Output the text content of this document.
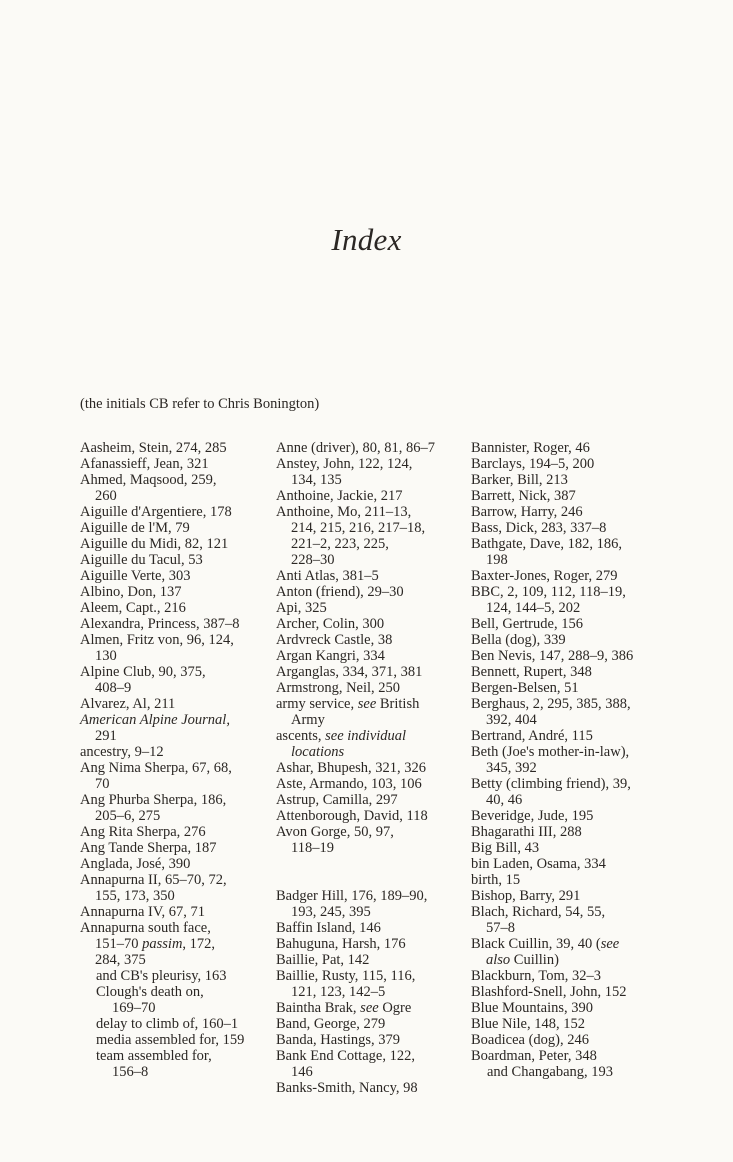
Index
(the initials CB refer to Chris Bonington)
Aasheim, Stein, 274, 285
Afanassieff, Jean, 321
Ahmed, Maqsood, 259,
260
Aiguille d'Argentiere, 178
Aiguille de l'M, 79
Aiguille du Midi, 82, 121
Aiguille du Tacul, 53
Aiguille Verte, 303
Albino, Don, 137
Aleem, Capt., 216
Alexandra, Princess, 387–8
Almen, Fritz von, 96, 124,
130
Alpine Club, 90, 375,
408–9
Alvarez, Al, 211
American Alpine Journal,
291
ancestry, 9–12
Ang Nima Sherpa, 67, 68,
70
Ang Phurba Sherpa, 186,
205–6, 275
Ang Rita Sherpa, 276
Ang Tande Sherpa, 187
Anglada, José, 390
Annapurna II, 65–70, 72,
155, 173, 350
Annapurna IV, 67, 71
Annapurna south face,
151–70 passim, 172,
284, 375
and CB's pleurisy, 163
Clough's death on,
169–70
delay to climb of, 160–1
media assembled for, 159
team assembled for,
156–8
Anne (driver), 80, 81, 86–7
Anstey, John, 122, 124,
134, 135
Anthoine, Jackie, 217
Anthoine, Mo, 211–13,
214, 215, 216, 217–18,
221–2, 223, 225,
228–30
Anti Atlas, 381–5
Anton (friend), 29–30
Api, 325
Archer, Colin, 300
Ardvreck Castle, 38
Argan Kangri, 334
Arganglas, 334, 371, 381
Armstrong, Neil, 250
army service, see British
Army
ascents, see individual
locations
Ashar, Bhupesh, 321, 326
Aste, Armando, 103, 106
Astrup, Camilla, 297
Attenborough, David, 118
Avon Gorge, 50, 97,
118–19
Badger Hill, 176, 189–90,
193, 245, 395
Baffin Island, 146
Bahuguna, Harsh, 176
Baillie, Pat, 142
Baillie, Rusty, 115, 116,
121, 123, 142–5
Baintha Brak, see Ogre
Band, George, 279
Banda, Hastings, 379
Bank End Cottage, 122,
146
Banks-Smith, Nancy, 98
Bannister, Roger, 46
Barclays, 194–5, 200
Barker, Bill, 213
Barrett, Nick, 387
Barrow, Harry, 246
Bass, Dick, 283, 337–8
Bathgate, Dave, 182, 186,
198
Baxter-Jones, Roger, 279
BBC, 2, 109, 112, 118–19,
124, 144–5, 202
Bell, Gertrude, 156
Bella (dog), 339
Ben Nevis, 147, 288–9, 386
Bennett, Rupert, 348
Bergen-Belsen, 51
Berghaus, 2, 295, 385, 388,
392, 404
Bertrand, André, 115
Beth (Joe's mother-in-law),
345, 392
Betty (climbing friend), 39,
40, 46
Beveridge, Jude, 195
Bhagarathi III, 288
Big Bill, 43
bin Laden, Osama, 334
birth, 15
Bishop, Barry, 291
Blach, Richard, 54, 55,
57–8
Black Cuillin, 39, 40 (see
also Cuillin)
Blackburn, Tom, 32–3
Blashford-Snell, John, 152
Blue Mountains, 390
Blue Nile, 148, 152
Boadicea (dog), 246
Boardman, Peter, 348
and Changabang, 193
